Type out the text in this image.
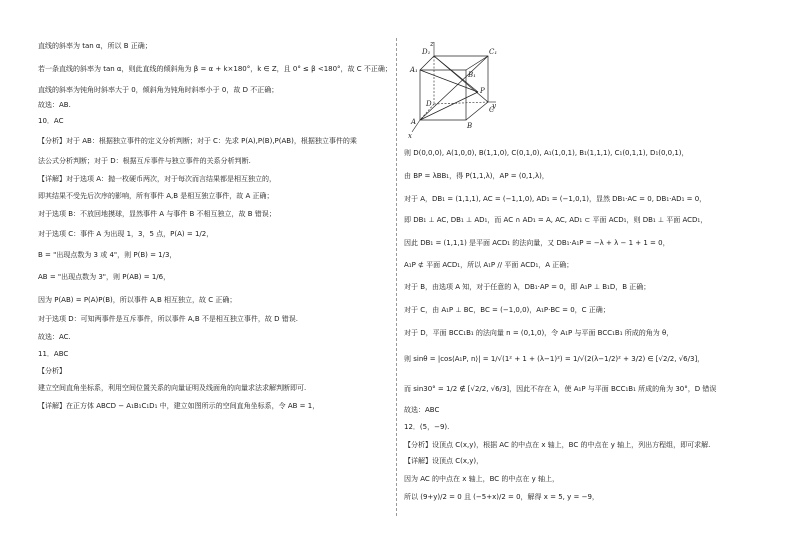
直线的斜率为 tan α，所以 B 正确；
若一条直线的斜率为 tan α，则此直线的倾斜角为 β = α + k×180°，k ∈ Z，且 0° ≤ β <180°，故 C 不正确；
直线的斜率为钝角时斜率大于 0，倾斜角为钝角时斜率小于 0，故 D 不正确；
故选：AB.
10．AC
【分析】对于 AB：根据独立事件的定义分析判断；对于 C：先求 P(A),P(B),P(AB)，根据独立事件的乘
法公式分析判断；对于 D：根据互斥事件与独立事件的关系分析判断.
【详解】对于选项 A：抛一枚硬币两次，对于每次而言结果都是相互独立的，
即其结果不受先后次序的影响，所有事件 A,B 是相互独立事件，故 A 正确；
对于选项 B：不放回地摸球，显然事件 A 与事件 B 不相互独立，故 B 错误；
对于选项 C：事件 A 为出现 1，3，5 点，P(A) = 1/2，
B = "出现点数为 3 或 4"，则 P(B) = 1/3，
AB = "出现点数为 3"，则 P(AB) = 1/6，
因为 P(AB) = P(A)P(B)，所以事件 A,B 相互独立，故 C 正确；
对于选项 D：可知两事件是互斥事件，所以事件 A,B 不是相互独立事件，故 D 错误.
故选：AC.
11．ABC
【分析】
建立空间直角坐标系，利用空间位置关系的向量证明及线面角的向量求法求解判断即可.
【详解】在正方体 ABCD − A₁B₁C₁D₁ 中，建立如图所示的空间直角坐标系，令 AB = 1，
z
D₁	C₁
A₁
B₁
P
D
C
y
A	B
x
则 D(0,0,0), A(1,0,0), B(1,1,0), C(0,1,0), A₁(1,0,1), B₁(1,1,1), C₁(0,1,1), D₁(0,0,1)，
由 BP = λBB₁，得 P(1,1,λ)，AP = (0,1,λ)，
对于 A，DB₁ = (1,1,1), AC = (−1,1,0), AD₁ = (−1,0,1)，显然 DB₁·AC = 0, DB₁·AD₁ = 0，
即 DB₁ ⊥ AC, DB₁ ⊥ AD₁，而 AC ∩ AD₁ = A, AC, AD₁ ⊂ 平面 ACD₁，则 DB₁ ⊥ 平面 ACD₁，
因此 DB₁ = (1,1,1) 是平面 ACD₁ 的法向量，又 DB₁·A₁P = −λ + λ − 1 + 1 = 0，
A₁P ⊄ 平面 ACD₁，所以 A₁P // 平面 ACD₁，A 正确；
对于 B，由选项 A 知，对于任意的 λ，DB₁·AP = 0，即 A₁P ⊥ B₁D，B 正确；
对于 C，由 A₁P ⊥ BC，BC = (−1,0,0)，A₁P·BC = 0，C 正确；
对于 D，平面 BCC₁B₁ 的法向量 n = (0,1,0)，令 A₁P 与平面 BCC₁B₁ 所成的角为 θ，
则 sinθ = |cos⟨A₁P, n⟩| = 1/√(1² + 1 + (λ−1)²) = 1/√(2(λ−1/2)² + 3/2) ∈ [√2/2, √6/3]，
而 sin30° = 1/2 ∉ [√2/2, √6/3]，因此不存在 λ，使 A₁P 与平面 BCC₁B₁ 所成的角为 30°，D 错误
故选：ABC
12．(5，−9).
【分析】设顶点 C(x,y)，根据 AC 的中点在 x 轴上，BC 的中点在 y 轴上，列出方程组，即可求解.
【详解】设顶点 C(x,y)，
因为 AC 的中点在 x 轴上，BC 的中点在 y 轴上，
所以 (9+y)/2 = 0 且 (−5+x)/2 = 0，解得 x = 5, y = −9，
